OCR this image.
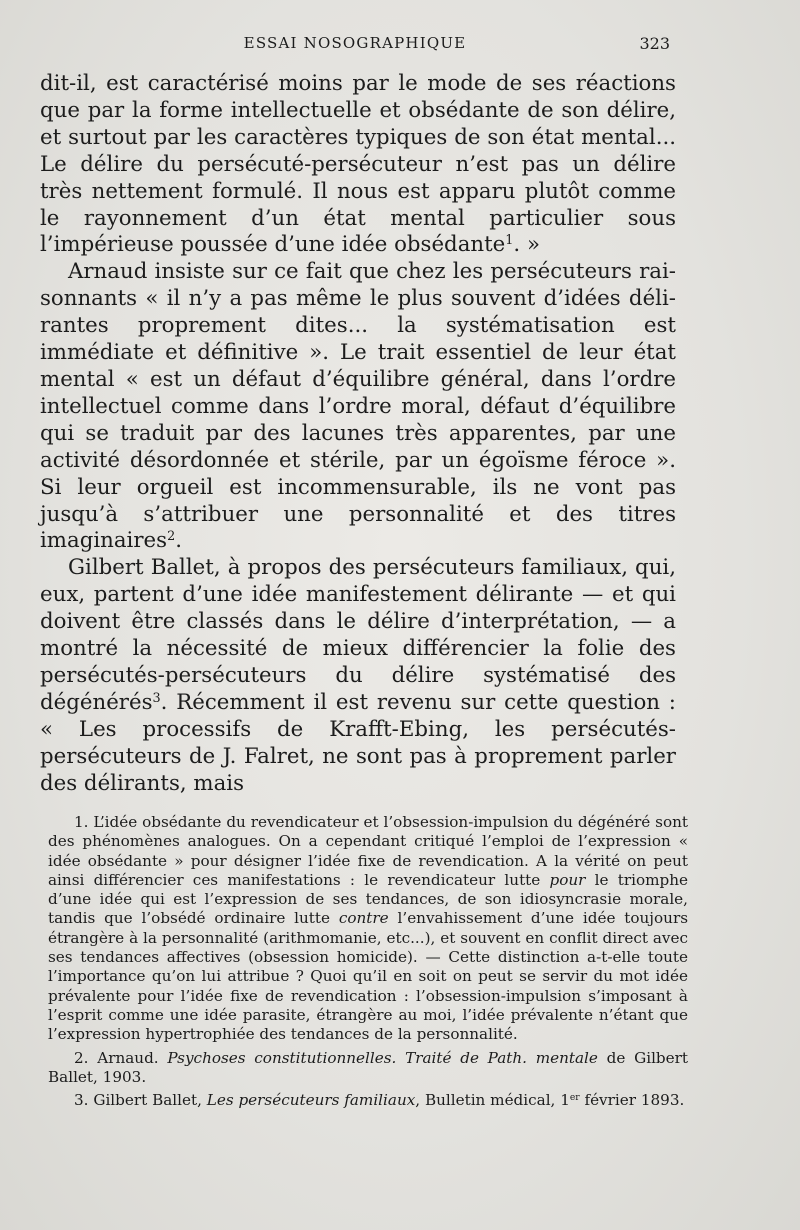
ESSAI NOSOGRAPHIQUE	323

dit-il, est caractérisé moins par le mode de ses réactions que par la forme intellectuelle et obsédante de son délire, et surtout par les caractères typiques de son état mental... Le délire du persécuté-persécuteur n’est pas un délire très nettement formulé. Il nous est apparu plutôt comme le rayonnement d’un état mental particulier sous l’impérieuse poussée d’une idée obsédante$^1$. »

Arnaud insiste sur ce fait que chez les persécuteurs raisonnants « il n’y a pas même le plus souvent d’idées délirantes proprement dites... la systématisation est immédiate et définitive ». Le trait essentiel de leur état mental « est un défaut d’équilibre général, dans l’ordre intellectuel comme dans l’ordre moral, défaut d’équilibre qui se traduit par des lacunes très apparentes, par une activité désordonnée et stérile, par un égoïsme féroce ». Si leur orgueil est incommensurable, ils ne vont pas jusqu’à s’attribuer une personnalité et des titres imaginaires$^2$.

Gilbert Ballet, à propos des persécuteurs familiaux, qui, eux, partent d’une idée manifestement délirante — et qui doivent être classés dans le délire d’interprétation, — a montré la nécessité de mieux différencier la folie des persécutés-persécuteurs du délire systématisé des dégénérés$^3$. Récemment il est revenu sur cette question : « Les processifs de Krafft-Ebing, les persécutés-persécuteurs de J. Falret, ne sont pas à proprement parler des délirants, mais

1. L’idée obsédante du revendicateur et l’obsession-impulsion du dégénéré sont des phénomènes analogues. On a cependant critiqué l’emploi de l’expression « idée obsédante » pour désigner l’idée fixe de revendication. A la vérité on peut ainsi différencier ces manifestations : le revendicateur lutte pour le triomphe d’une idée qui est l’expression de ses tendances, de son idiosyncrasie morale, tandis que l’obsédé ordinaire lutte contre l’envahissement d’une idée toujours étrangère à la personnalité (arithmomanie, etc...), et souvent en conflit direct avec ses tendances affectives (obsession homicide). — Cette distinction a-t-elle toute l’importance qu’on lui attribue ? Quoi qu’il en soit on peut se servir du mot idée prévalente pour l’idée fixe de revendication : l’obsession-impulsion s’imposant à l’esprit comme une idée parasite, étrangère au moi, l’idée prévalente n’étant que l’expression hypertrophiée des tendances de la personnalité.

2. Arnaud. Psychoses constitutionnelles. Traité de Path. mentale de Gilbert Ballet, 1903.

3. Gilbert Ballet, Les persécuteurs familiaux, Bulletin médical, 1er février 1893.
